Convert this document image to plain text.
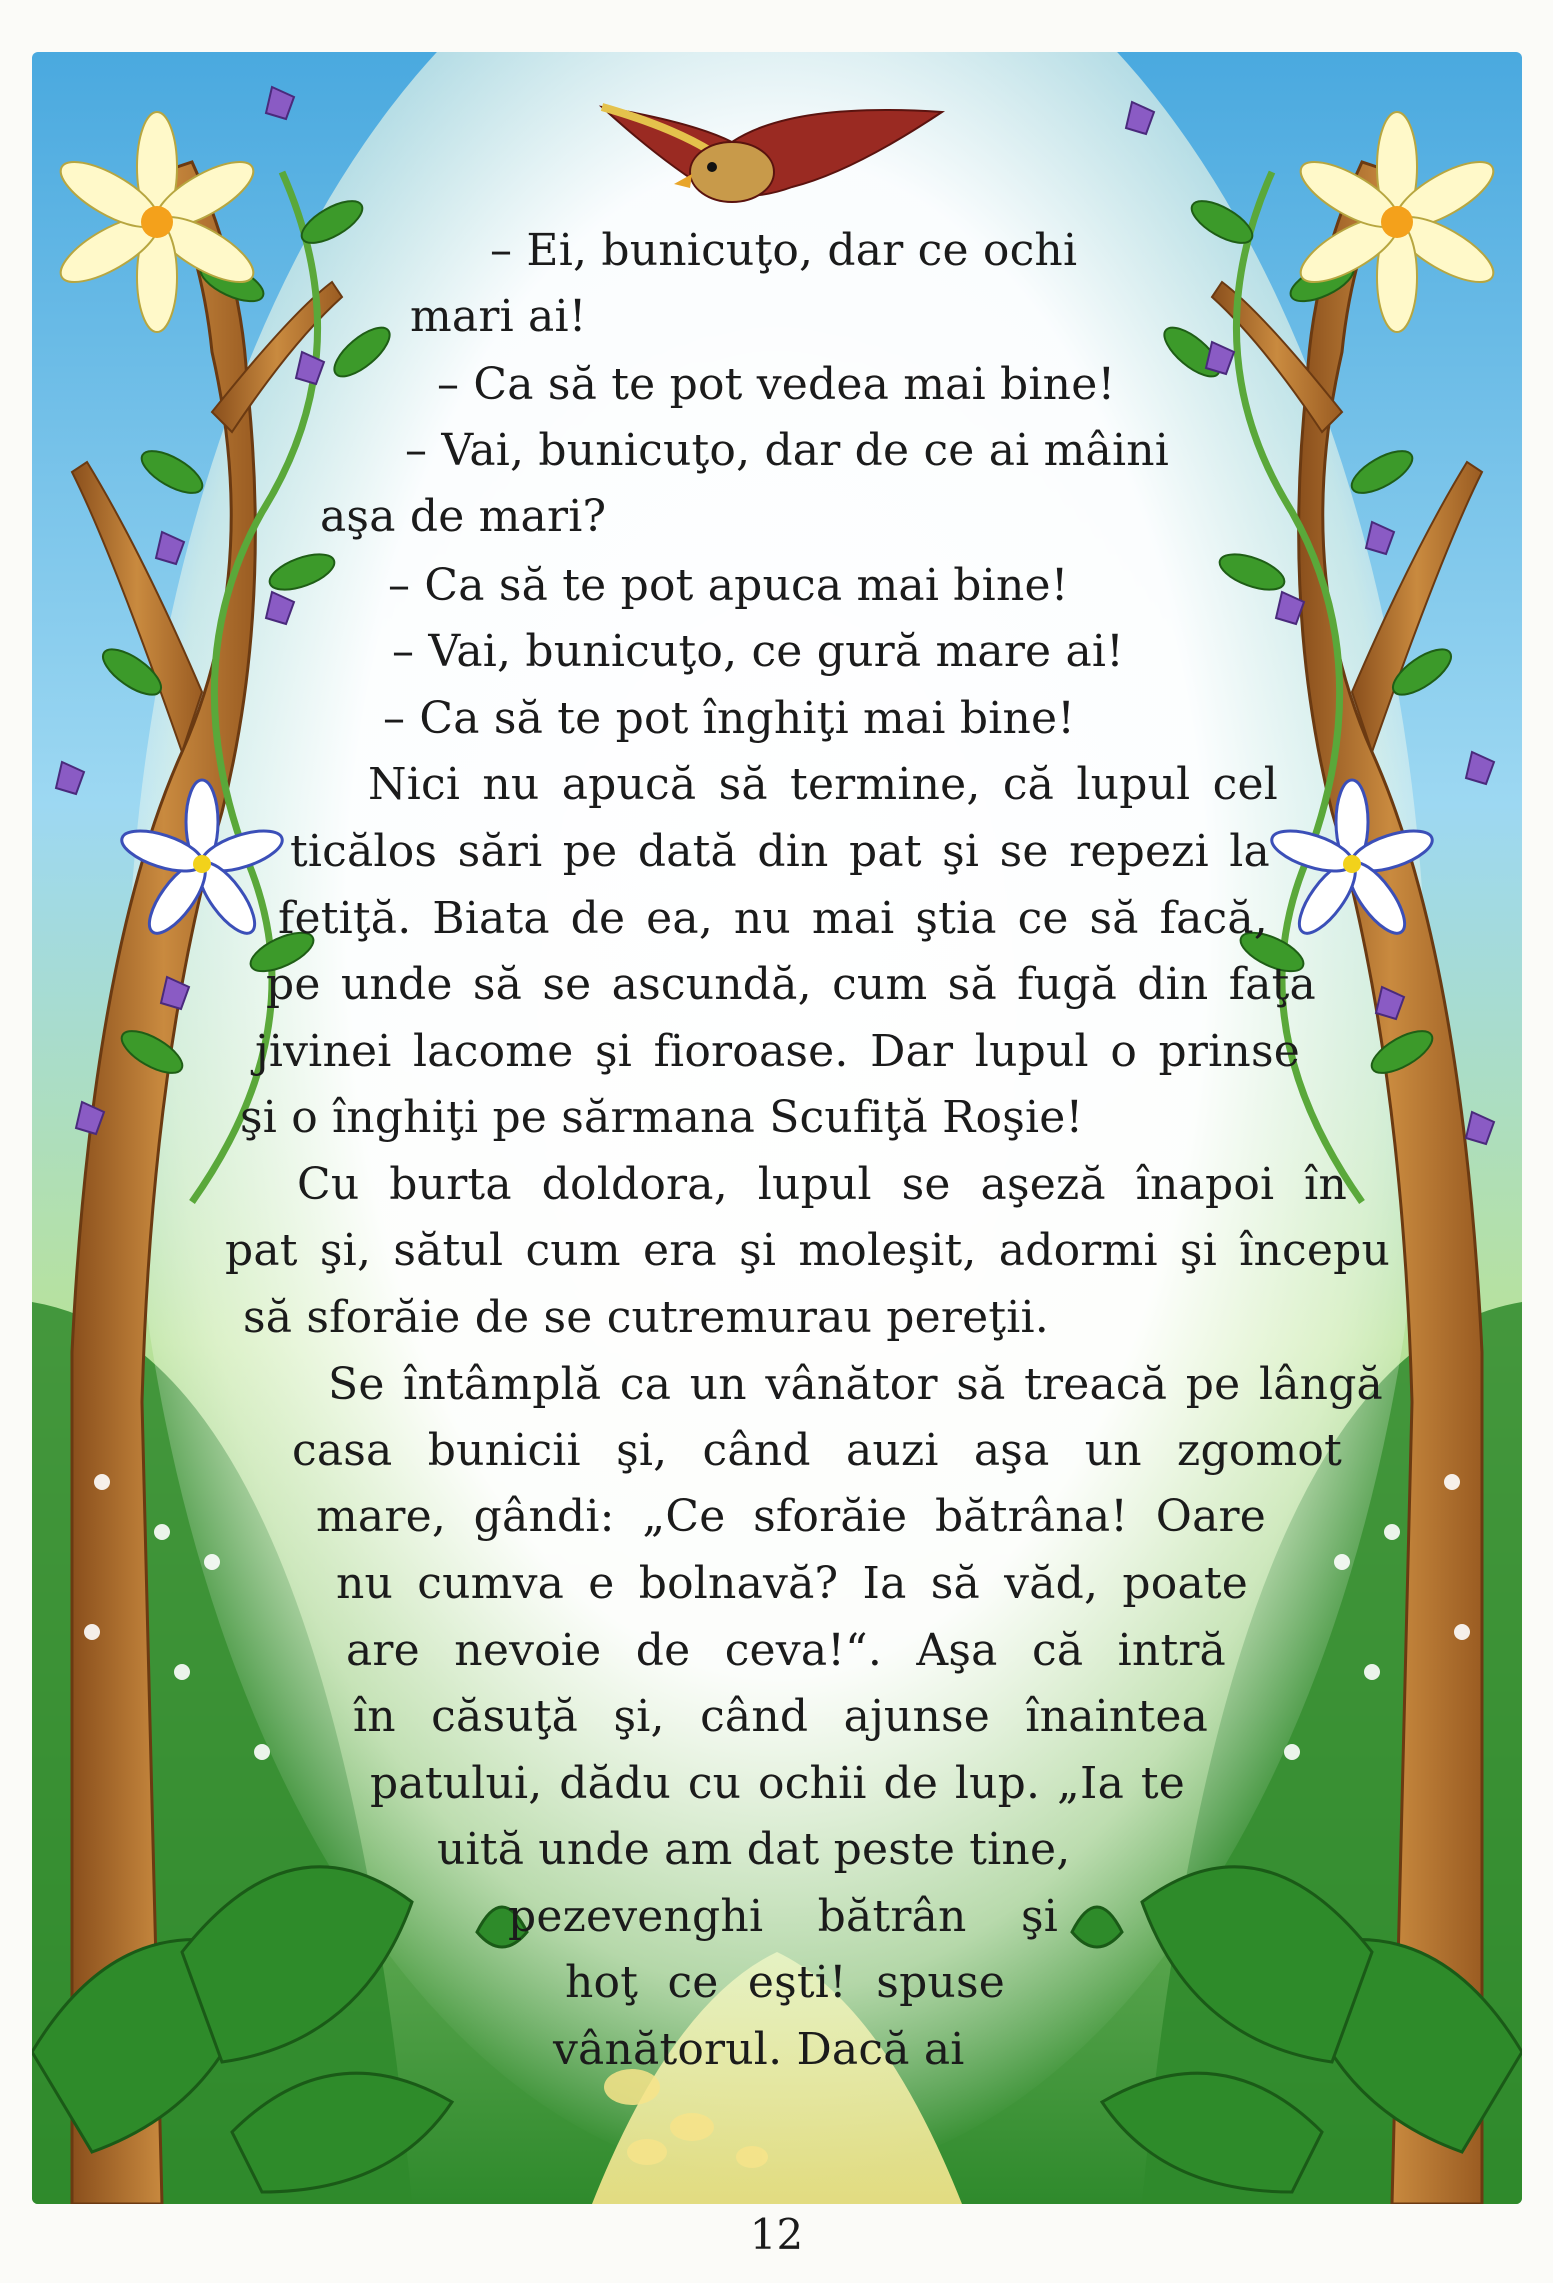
– Ei, bunicuţo, dar ce ochi
mari ai!
– Ca să te pot vedea mai bine!
– Vai, bunicuţo, dar de ce ai mâini
aşa de mari?
– Ca să te pot apuca mai bine!
– Vai, bunicuţo, ce gură mare ai!
– Ca să te pot înghiţi mai bine!
Nici nu apucă să termine, că lupul cel
ticălos sări pe dată din pat şi se repezi la
fetiţă. Biata de ea, nu mai ştia ce să facă,
pe unde să se ascundă, cum să fugă din faţa
jivinei lacome şi fioroase. Dar lupul o prinse
şi o înghiţi pe sărmana Scufiţă Roşie!
Cu burta doldora, lupul se aşeză înapoi în
pat şi, sătul cum era şi moleşit, adormi şi începu
să sforăie de se cutremurau pereţii.
Se întâmplă ca un vânător să treacă pe lângă
casa bunicii şi, când auzi aşa un zgomot
mare, gândi: „Ce sforăie bătrâna! Oare
nu cumva e bolnavă? Ia să văd, poate
are nevoie de ceva!“. Aşa că intră
în căsuţă şi, când ajunse înaintea
patului, dădu cu ochii de lup. „Ia te
uită unde am dat peste tine,
pezevenghi bătrân şi
hoţ ce eşti! spuse
vânătorul. Dacă ai
12
